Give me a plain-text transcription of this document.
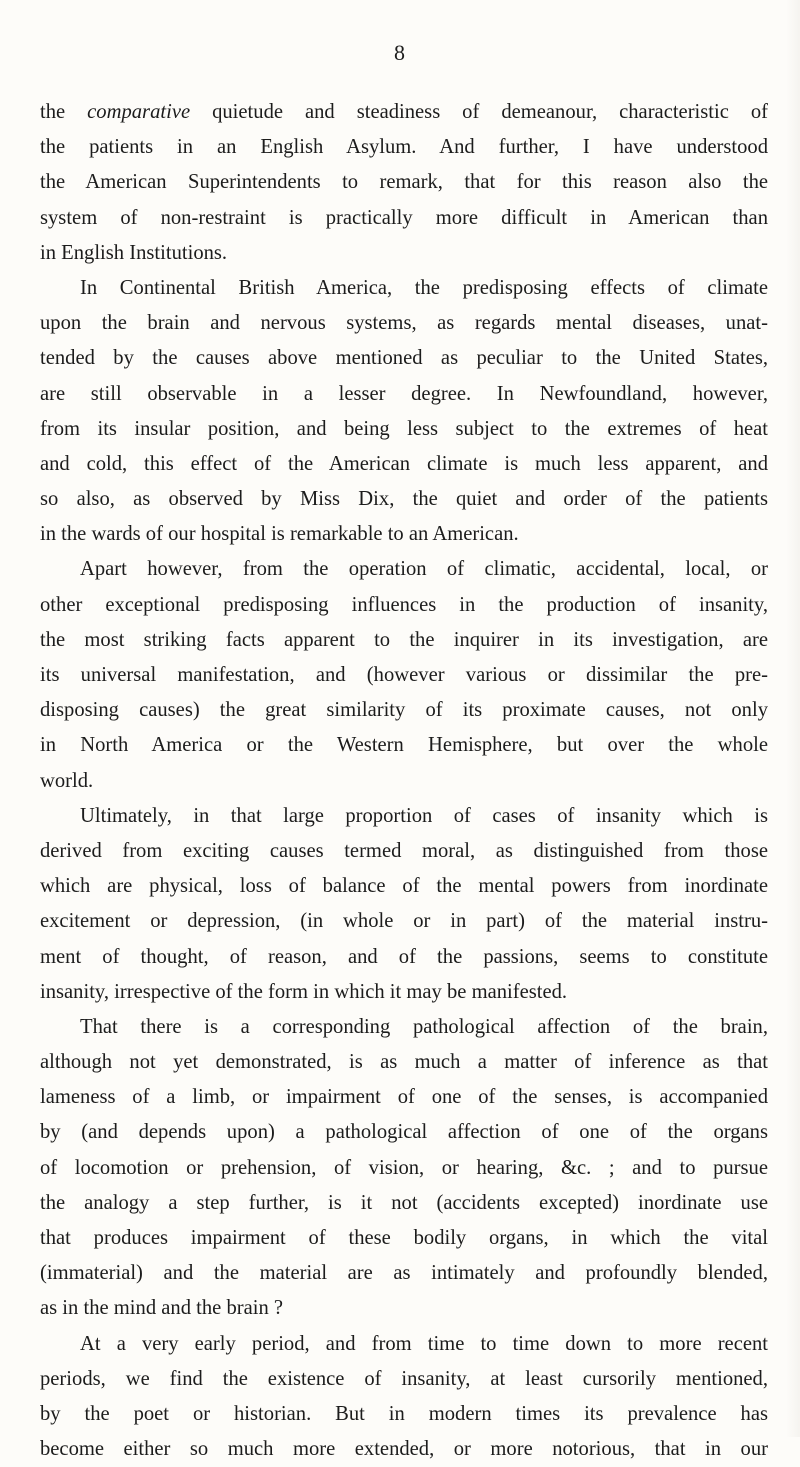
8
the comparative quietude and steadiness of demeanour, characteristic of
the patients in an English Asylum. And further, I have understood
the American Superintendents to remark, that for this reason also the
system of non-restraint is practically more difficult in American than
in English Institutions.
In Continental British America, the predisposing effects of climate
upon the brain and nervous systems, as regards mental diseases, unat-
tended by the causes above mentioned as peculiar to the United States,
are still observable in a lesser degree. In Newfoundland, however,
from its insular position, and being less subject to the extremes of heat
and cold, this effect of the American climate is much less apparent, and
so also, as observed by Miss Dix, the quiet and order of the patients
in the wards of our hospital is remarkable to an American.
Apart however, from the operation of climatic, accidental, local, or
other exceptional predisposing influences in the production of insanity,
the most striking facts apparent to the inquirer in its investigation, are
its universal manifestation, and (however various or dissimilar the pre-
disposing causes) the great similarity of its proximate causes, not only
in North America or the Western Hemisphere, but over the whole
world.
Ultimately, in that large proportion of cases of insanity which is
derived from exciting causes termed moral, as distinguished from those
which are physical, loss of balance of the mental powers from inordinate
excitement or depression, (in whole or in part) of the material instru-
ment of thought, of reason, and of the passions, seems to constitute
insanity, irrespective of the form in which it may be manifested.
That there is a corresponding pathological affection of the brain,
although not yet demonstrated, is as much a matter of inference as that
lameness of a limb, or impairment of one of the senses, is accompanied
by (and depends upon) a pathological affection of one of the organs
of locomotion or prehension, of vision, or hearing, &c. ; and to pursue
the analogy a step further, is it not (accidents excepted) inordinate use
that produces impairment of these bodily organs, in which the vital
(immaterial) and the material are as intimately and profoundly blended,
as in the mind and the brain ?
At a very early period, and from time to time down to more recent
periods, we find the existence of insanity, at least cursorily mentioned,
by the poet or historian. But in modern times its prevalence has
become either so much more extended, or more notorious, that in our
